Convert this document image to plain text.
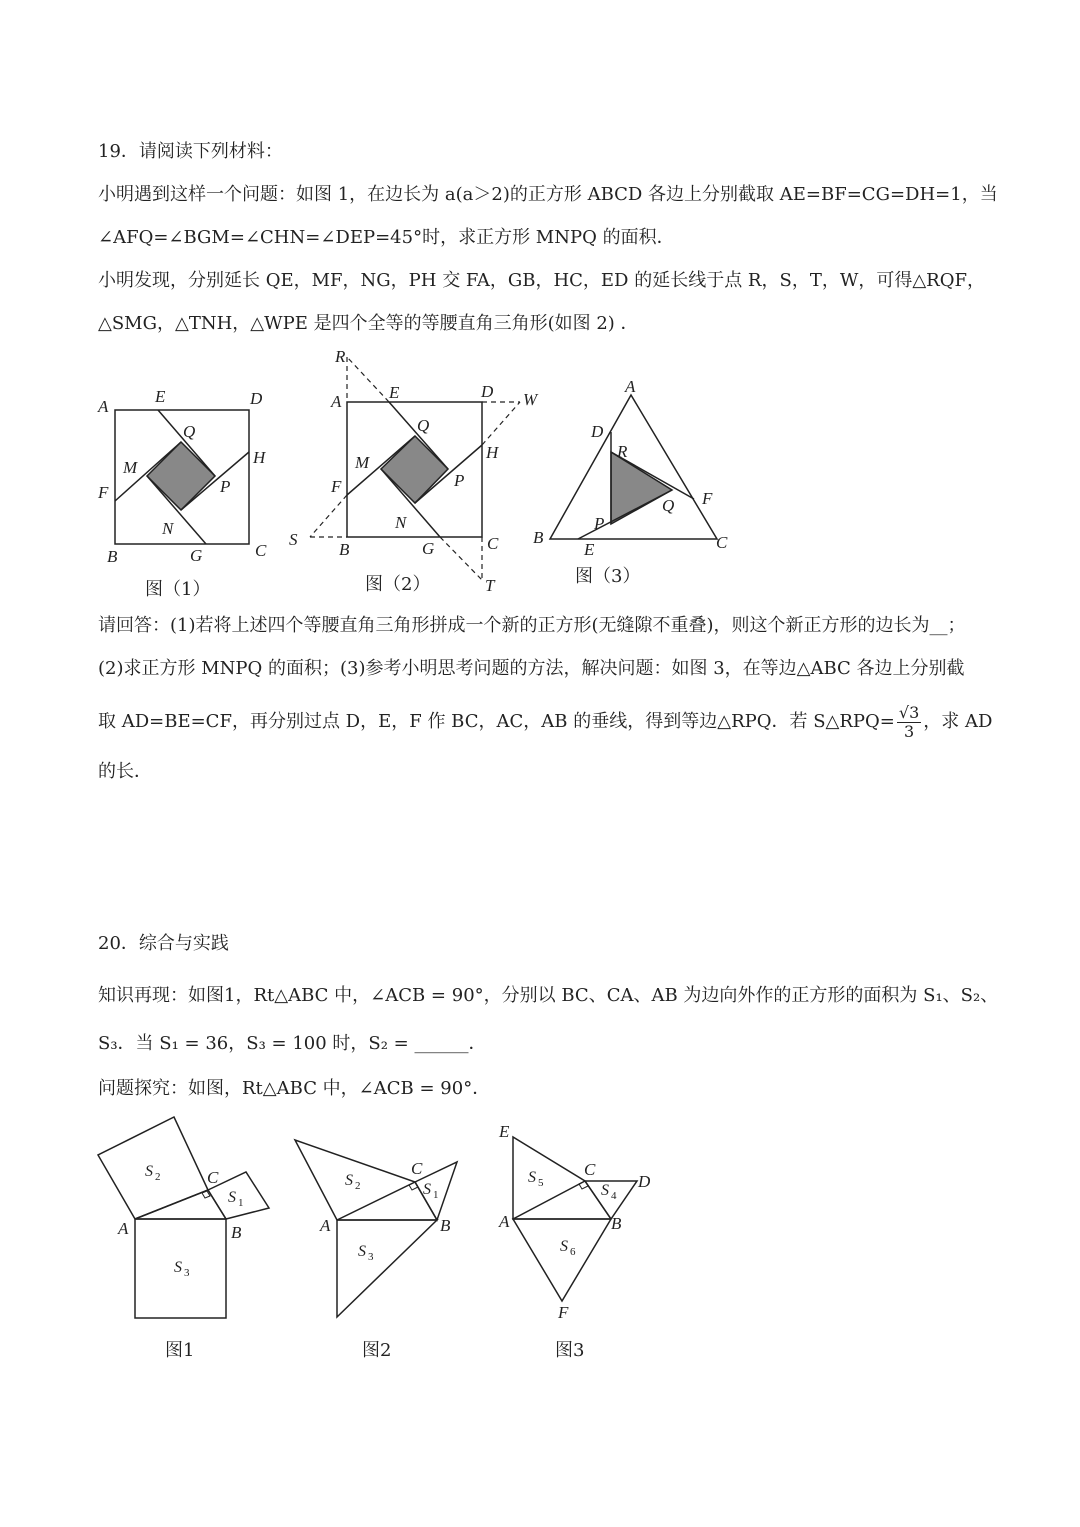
19．请阅读下列材料：
小明遇到这样一个问题：如图 1，在边长为 a(a＞2)的正方形 ABCD 各边上分别截取 AE=BF=CG=DH=1，当
∠AFQ=∠BGM=∠CHN=∠DEP=45°时，求正方形 MNPQ 的面积．
小明发现，分别延长 QE，MF，NG，PH 交 FA，GB，HC，ED 的延长线于点 R，S，T，W，可得△RQF，
△SMG，△TNH，△WPE 是四个全等的等腰直角三角形(如图 2) ．
A
E	D
Q
M
H
F	P
N
B	G	C
图（1）
R
A	E	D W
Q
M
H
F	P
N
S
B	G	C
T
图（2）
A
D
R
F
Q
P
B
E	C
图（3）
请回答：(1)若将上述四个等腰直角三角形拼成一个新的正方形(无缝隙不重叠)，则这个新正方形的边长为__；
(2)求正方形 MNPQ 的面积；(3)参考小明思考问题的方法，解决问题：如图 3，在等边△ABC 各边上分别截
取 AD=BE=CF，再分别过点 D，E，F 作 BC，AC，AB 的垂线，得到等边△RPQ．若 S△RPQ= $\frac{√3}{3}$ ，求 AD
的长．
20．综合与实践
知识再现：如图1，Rt△ABC 中，∠ACB = 90°，分别以 BC、CA、AB 为边向外作的正方形的面积为 S₁、S₂、
S₃．当 S₁ = 36，S₃ = 100 时，S₂ = ______．
问题探究：如图，Rt△ABC 中，∠ACB = 90°．
S 2	C
S 1
A	B
S 3
图1
S 2
C
S 1
A	B
S 3
图2
E
C
D
S 5	S 4
A	B
S 6
F
图3
